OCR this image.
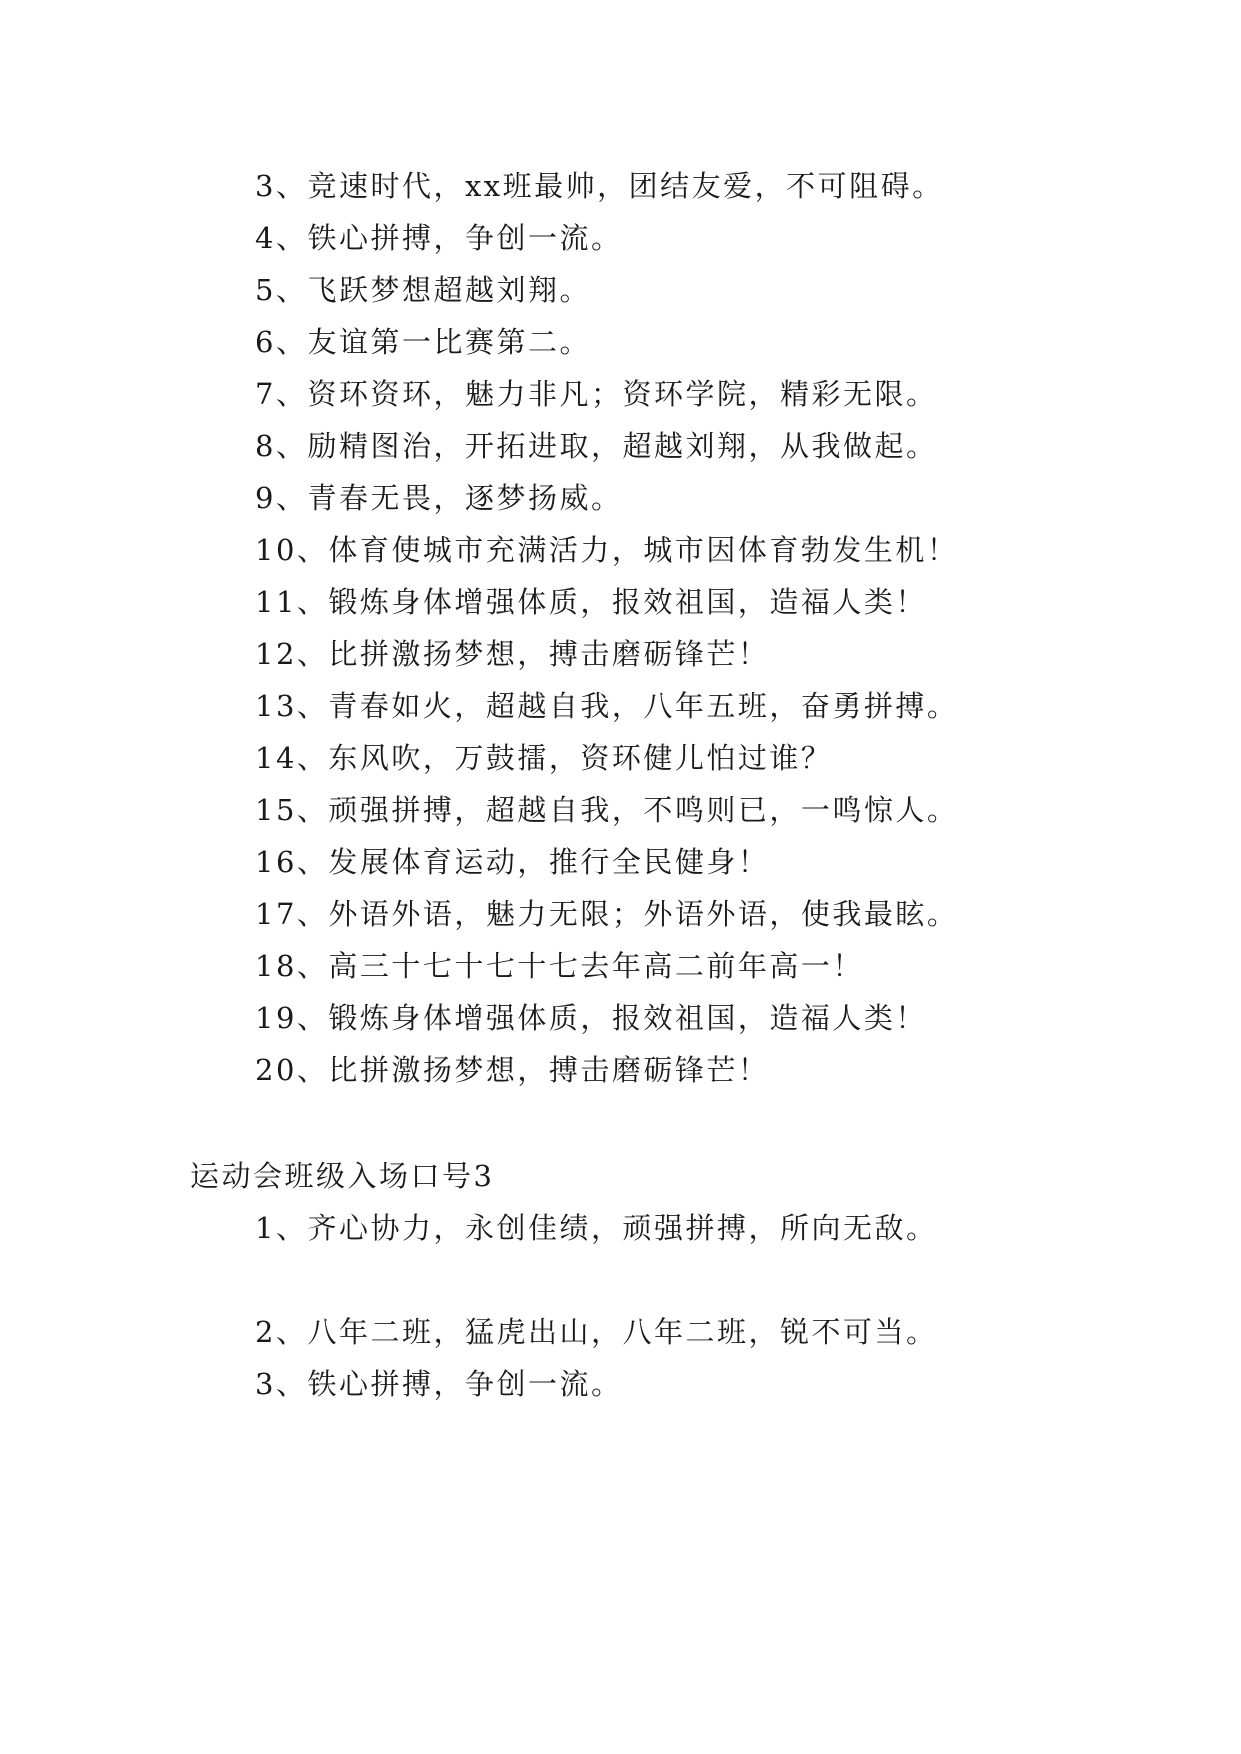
3、竞速时代，xx班最帅，团结友爱，不可阻碍。
4、铁心拼搏，争创一流。
5、飞跃梦想超越刘翔。
6、友谊第一比赛第二。
7、资环资环，魅力非凡；资环学院，精彩无限。
8、励精图治，开拓进取，超越刘翔，从我做起。
9、青春无畏，逐梦扬威。
10、体育使城市充满活力，城市因体育勃发生机！
11、锻炼身体增强体质，报效祖国，造福人类！
12、比拼激扬梦想，搏击磨砺锋芒！
13、青春如火，超越自我，八年五班，奋勇拼搏。
14、东风吹，万鼓擂，资环健儿怕过谁？
15、顽强拼搏，超越自我，不鸣则已，一鸣惊人。
16、发展体育运动，推行全民健身！
17、外语外语，魅力无限；外语外语，使我最眩。
18、高三十七十七十七去年高二前年高一！
19、锻炼身体增强体质，报效祖国，造福人类！
20、比拼激扬梦想，搏击磨砺锋芒！
运动会班级入场口号3
1、齐心协力，永创佳绩，顽强拼搏，所向无敌。
2、八年二班，猛虎出山，八年二班，锐不可当。
3、铁心拼搏，争创一流。
